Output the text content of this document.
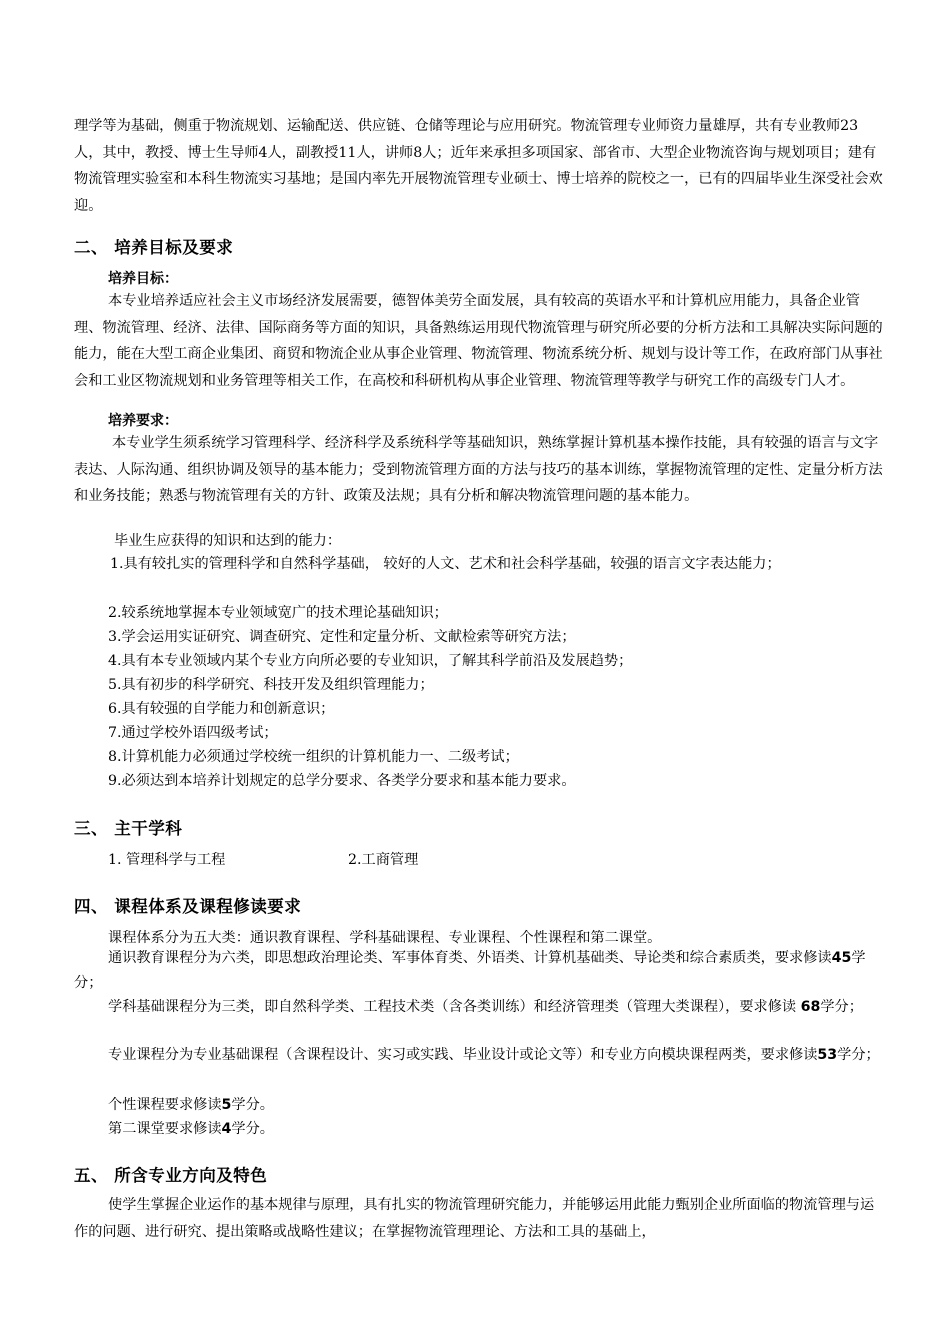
理学等为基础，侧重于物流规划、运输配送、供应链、仓储等理论与应用研究。物流管理专业师资力量雄厚，共有专业教师23人，其中，教授、博士生导师4人，副教授11人，讲师8人；近年来承担多项国家、部省市、大型企业物流咨询与规划项目；建有物流管理实验室和本科生物流实习基地；是国内率先开展物流管理专业硕士、博士培养的院校之一，已有的四届毕业生深受社会欢迎。

二、 培养目标及要求
培养目标：

本专业培养适应社会主义市场经济发展需要，德智体美劳全面发展，具有较高的英语水平和计算机应用能力，具备企业管理、物流管理、经济、法律、国际商务等方面的知识，具备熟练运用现代物流管理与研究所必要的分析方法和工具解决实际问题的能力，能在大型工商企业集团、商贸和物流企业从事企业管理、物流管理、物流系统分析、规划与设计等工作，在政府部门从事社会和工业区物流规划和业务管理等相关工作，在高校和科研机构从事企业管理、物流管理等教学与研究工作的高级专门人才。

培养要求：

本专业学生须系统学习管理科学、经济科学及系统科学等基础知识，熟练掌握计算机基本操作技能，具有较强的语言与文字表达、人际沟通、组织协调及领导的基本能力；受到物流管理方面的方法与技巧的基本训练，掌握物流管理的定性、定量分析方法和业务技能；熟悉与物流管理有关的方针、政策及法规；具有分析和解决物流管理问题的基本能力。

毕业生应获得的知识和达到的能力：

1.具有较扎实的管理科学和自然科学基础， 较好的人文、艺术和社会科学基础，较强的语言文字表达能力；

2.较系统地掌握本专业领域宽广的技术理论基础知识；
3.学会运用实证研究、调查研究、定性和定量分析、文献检索等研究方法；
4.具有本专业领域内某个专业方向所必要的专业知识，了解其科学前沿及发展趋势；
5.具有初步的科学研究、科技开发及组织管理能力；
6.具有较强的自学能力和创新意识；
7.通过学校外语四级考试；
8.计算机能力必须通过学校统一组织的计算机能力一、二级考试；
9.必须达到本培养计划规定的总学分要求、各类学分要求和基本能力要求。
三、 主干学科
1. 管理科学与工程	2.工商管理
四、 课程体系及课程修读要求
课程体系分为五大类：通识教育课程、学科基础课程、专业课程、个性课程和第二课堂。

通识教育课程分为六类，即思想政治理论类、军事体育类、外语类、计算机基础类、导论类和综合素质类，要求修读45学分；

学科基础课程分为三类，即自然科学类、工程技术类（含各类训练）和经济管理类（管理大类课程），要求修读 68学分；

专业课程分为专业基础课程（含课程设计、实习或实践、毕业设计或论文等）和专业方向模块课程两类，要求修读53学分；

个性课程要求修读5学分。
第二课堂要求修读4学分。
五、 所含专业方向及特色

使学生掌握企业运作的基本规律与原理，具有扎实的物流管理研究能力，并能够运用此能力甄别企业所面临的物流管理与运作的问题、进行研究、提出策略或战略性建议；在掌握物流管理理论、方法和工具的基础上，
